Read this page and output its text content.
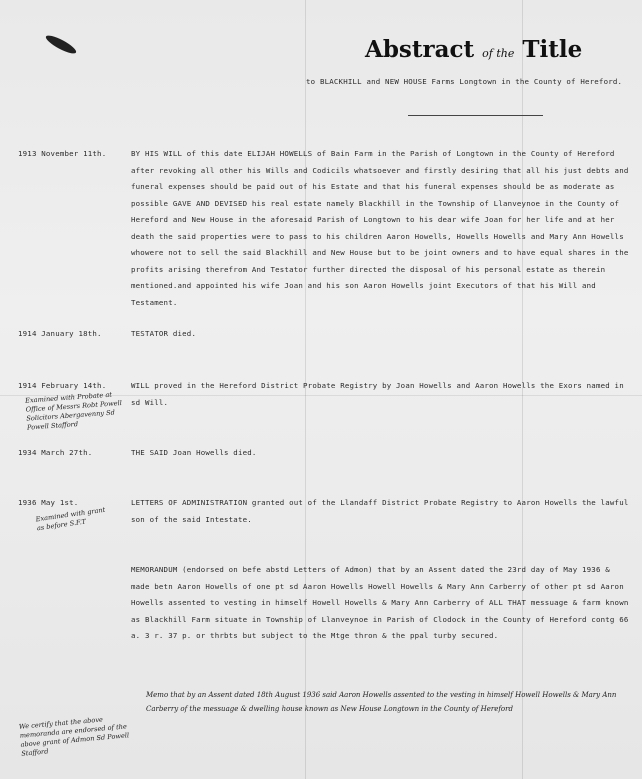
Abstract of the Title
to BLACKHILL and NEW HOUSE Farms Longtown in the County of Hereford.
1913 November 11th.	BY HIS WILL of this date ELIJAH HOWELLS of Bain Farm in the Parish of Longtown in the County of Hereford after revoking all other his Wills and Codicils whatsoever and firstly desiring that all his just debts and funeral expenses should be paid out of his Estate and that his funeral expenses should be as moderate as possible GAVE AND DEVISED his real estate namely Blackhill in the Township of Llanveynoe in the County of Hereford and New House in the aforesaid Parish of Longtown to his dear wife Joan for her life and at her death the said properties were to pass to his children Aaron Howells, Howells Howells and Mary Ann Howells whowere not to sell the said Blackhill and New House but to be joint owners and to have equal shares in the profits arising therefrom And Testator further directed the disposal of his personal estate as therein mentioned.and appointed his wife Joan and his son Aaron Howells joint Executors of that his Will and Testament.
1914 January 18th.	TESTATOR died.
1914 February 14th.	WILL proved in the Hereford District Probate Registry by Joan Howells and Aaron Howells the Exors named in sd Will.
Examined with Probate at Office of Messrs Robt Powell Solicitors Abergavenny Sd Powell Stafford
1934 March 27th.	THE SAID Joan Howells died.
1936 May 1st.	LETTERS OF ADMINISTRATION granted out of the Llandaff District Probate Registry to Aaron Howells the lawful son of the said Intestate.
Examined with grant as before S.F.T
MEMORANDUM (endorsed on befe abstd Letters of Admon) that by an Assent dated the 23rd day of May 1936 & made betn Aaron Howells of one pt sd Aaron Howells Howell Howells & Mary Ann Carberry of other pt sd Aaron Howells assented to vesting in himself Howell Howells & Mary Ann Carberry of ALL THAT messuage & farm known as Blackhill Farm situate in Township of Llanveynoe in Parish of Clodock in the County of Hereford contg 66 a. 3 r. 37 p. or thrbts but subject to the Mtge thron & the ppal turby secured.
Memo that by an Assent dated 18th August 1936 said Aaron Howells assented to the vesting in himself Howell Howells & Mary Ann Carberry of the messuage & dwelling house known as New House Longtown in the County of Hereford
We certify that the above memoranda are endorsed of the above grant of Admon Sd Powell Stafford
